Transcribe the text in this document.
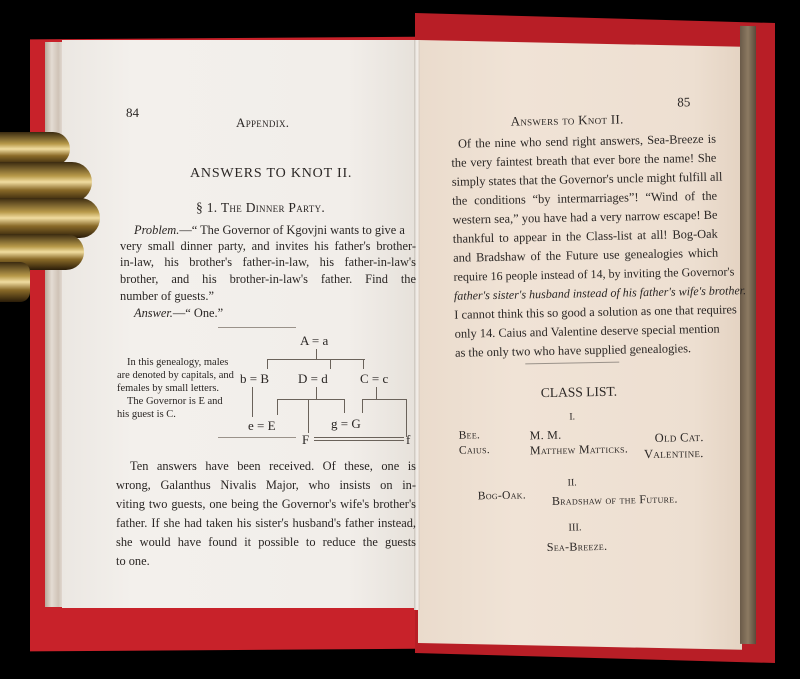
84
Appendix.
ANSWERS TO KNOT II.
§ 1. The Dinner Party.
Problem.—“ The Governor of Kgovjni wants to give a
very small dinner party, and invites his father's brother-
in-law, his brother's father-in-law, his father-in-law's
brother, and his brother-in-law's father. Find the
number of guests.”
Answer.—“ One.”
In this genealogy, males
are denoted by capitals, and
females by small letters.
The Governor is E and
his guest is C.
A = a
b = B D = d C = c
e = E	g = G
F	f
Ten answers have been received. Of these, one is
wrong, Galanthus Nivalis Major, who insists on in-
viting two guests, one being the Governor's wife's brother's
father. If she had taken his sister's husband's father instead,
she would have found it possible to reduce the guests
to one.
Answers to Knot II.
85
Of the nine who send right answers, Sea-Breeze is
the very faintest breath that ever bore the name! She
simply states that the Governor's uncle might fulfill all
the conditions “by intermarriages”! “Wind of the
western sea,” you have had a very narrow escape! Be
thankful to appear in the Class-list at all! Bog-Oak
and Bradshaw of the Future use genealogies which
require 16 people instead of 14, by inviting the Governor's
father's sister's husband instead of his father's wife's brother.
I cannot think this so good a solution as one that requires
only 14. Caius and Valentine deserve special mention
as the only two who have supplied genealogies.
CLASS LIST.
I.
Bee.
Caius.
M. M.
Matthew Matticks.
Old Cat.
Valentine.
II.
Bog-Oak. Bradshaw of the Future.
III.
Sea-Breeze.
